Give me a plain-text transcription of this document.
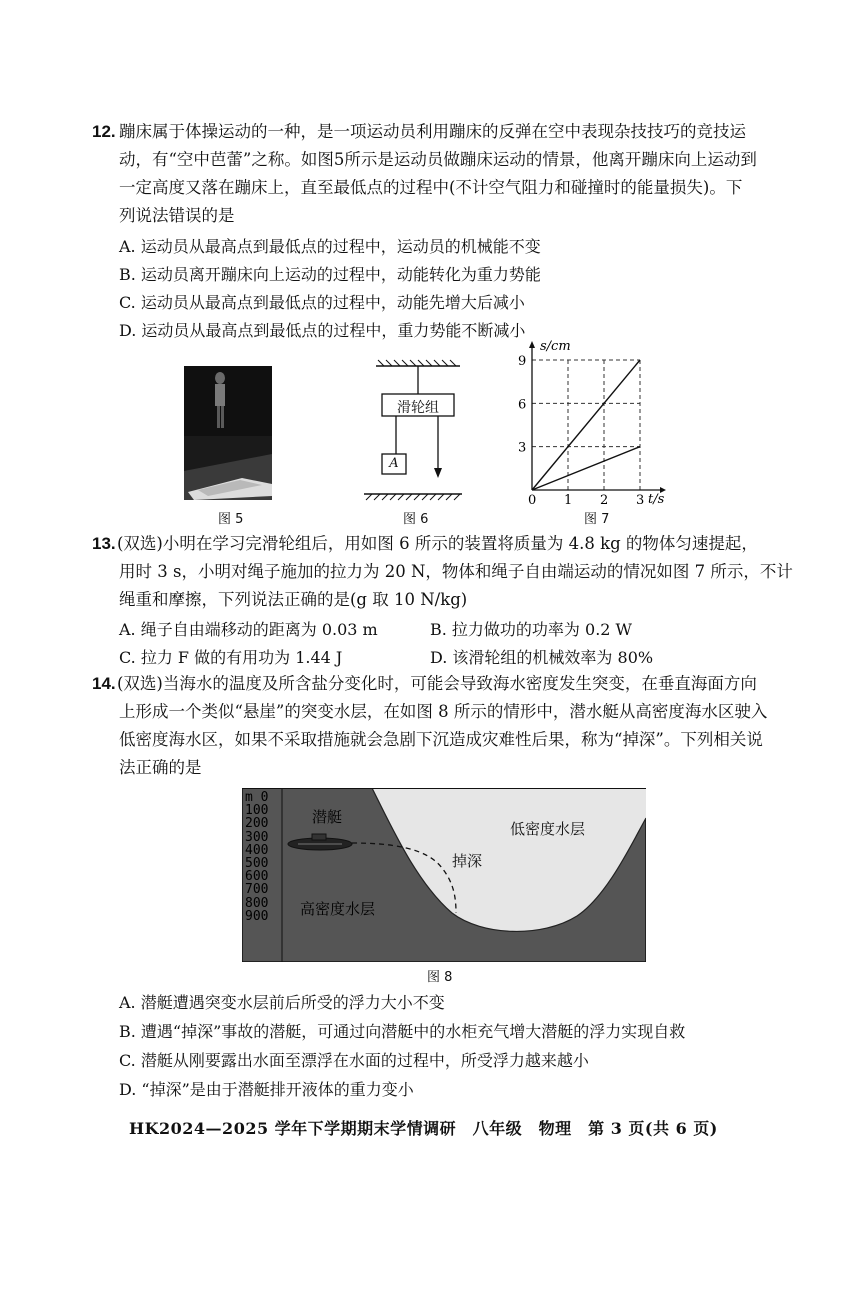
12. 蹦床属于体操运动的一种，是一项运动员利用蹦床的反弹在空中表现杂技技巧的竞技运
动，有“空中芭蕾”之称。如图5所示是运动员做蹦床运动的情景，他离开蹦床向上运动到
一定高度又落在蹦床上，直至最低点的过程中(不计空气阻力和碰撞时的能量损失)。下
列说法错误的是
A. 运动员从最高点到最低点的过程中，运动员的机械能不变
B. 运动员离开蹦床向上运动的过程中，动能转化为重力势能
C. 运动员从最高点到最低点的过程中，动能先增大后减小
D. 运动员从最高点到最低点的过程中，重力势能不断减小
图 5
滑轮组
A
图 6
0 1 2 3
3
6
9
s/cm
t/s
图 7
13. (双选)小明在学习完滑轮组后，用如图 6 所示的装置将质量为 4.8 kg 的物体匀速提起，
用时 3 s，小明对绳子施加的拉力为 20 N，物体和绳子自由端运动的情况如图 7 所示，不计
绳重和摩擦，下列说法正确的是(g 取 10 N/kg)
A. 绳子自由端移动的距离为 0.03 m	B. 拉力做功的功率为 0.2 W
C. 拉力 F 做的有用功为 1.44 J	D. 该滑轮组的机械效率为 80%
14. (双选)当海水的温度及所含盐分变化时，可能会导致海水密度发生突变，在垂直海面方向
上形成一个类似“悬崖”的突变水层，在如图 8 所示的情形中，潜水艇从高密度海水区驶入
低密度海水区，如果不采取措施就会急剧下沉造成灾难性后果，称为“掉深”。下列相关说
法正确的是
m 0
100
200
300
400
500
600
700
800
900
潜艇
低密度水层
掉深
高密度水层
图 8
A. 潜艇遭遇突变水层前后所受的浮力大小不变
B. 遭遇“掉深”事故的潜艇，可通过向潜艇中的水柜充气增大潜艇的浮力实现自救
C. 潜艇从刚要露出水面至漂浮在水面的过程中，所受浮力越来越小
D. “掉深”是由于潜艇排开液体的重力变小
HK2024—2025 学年下学期期末学情调研　八年级　物理　第 3 页(共 6 页)
